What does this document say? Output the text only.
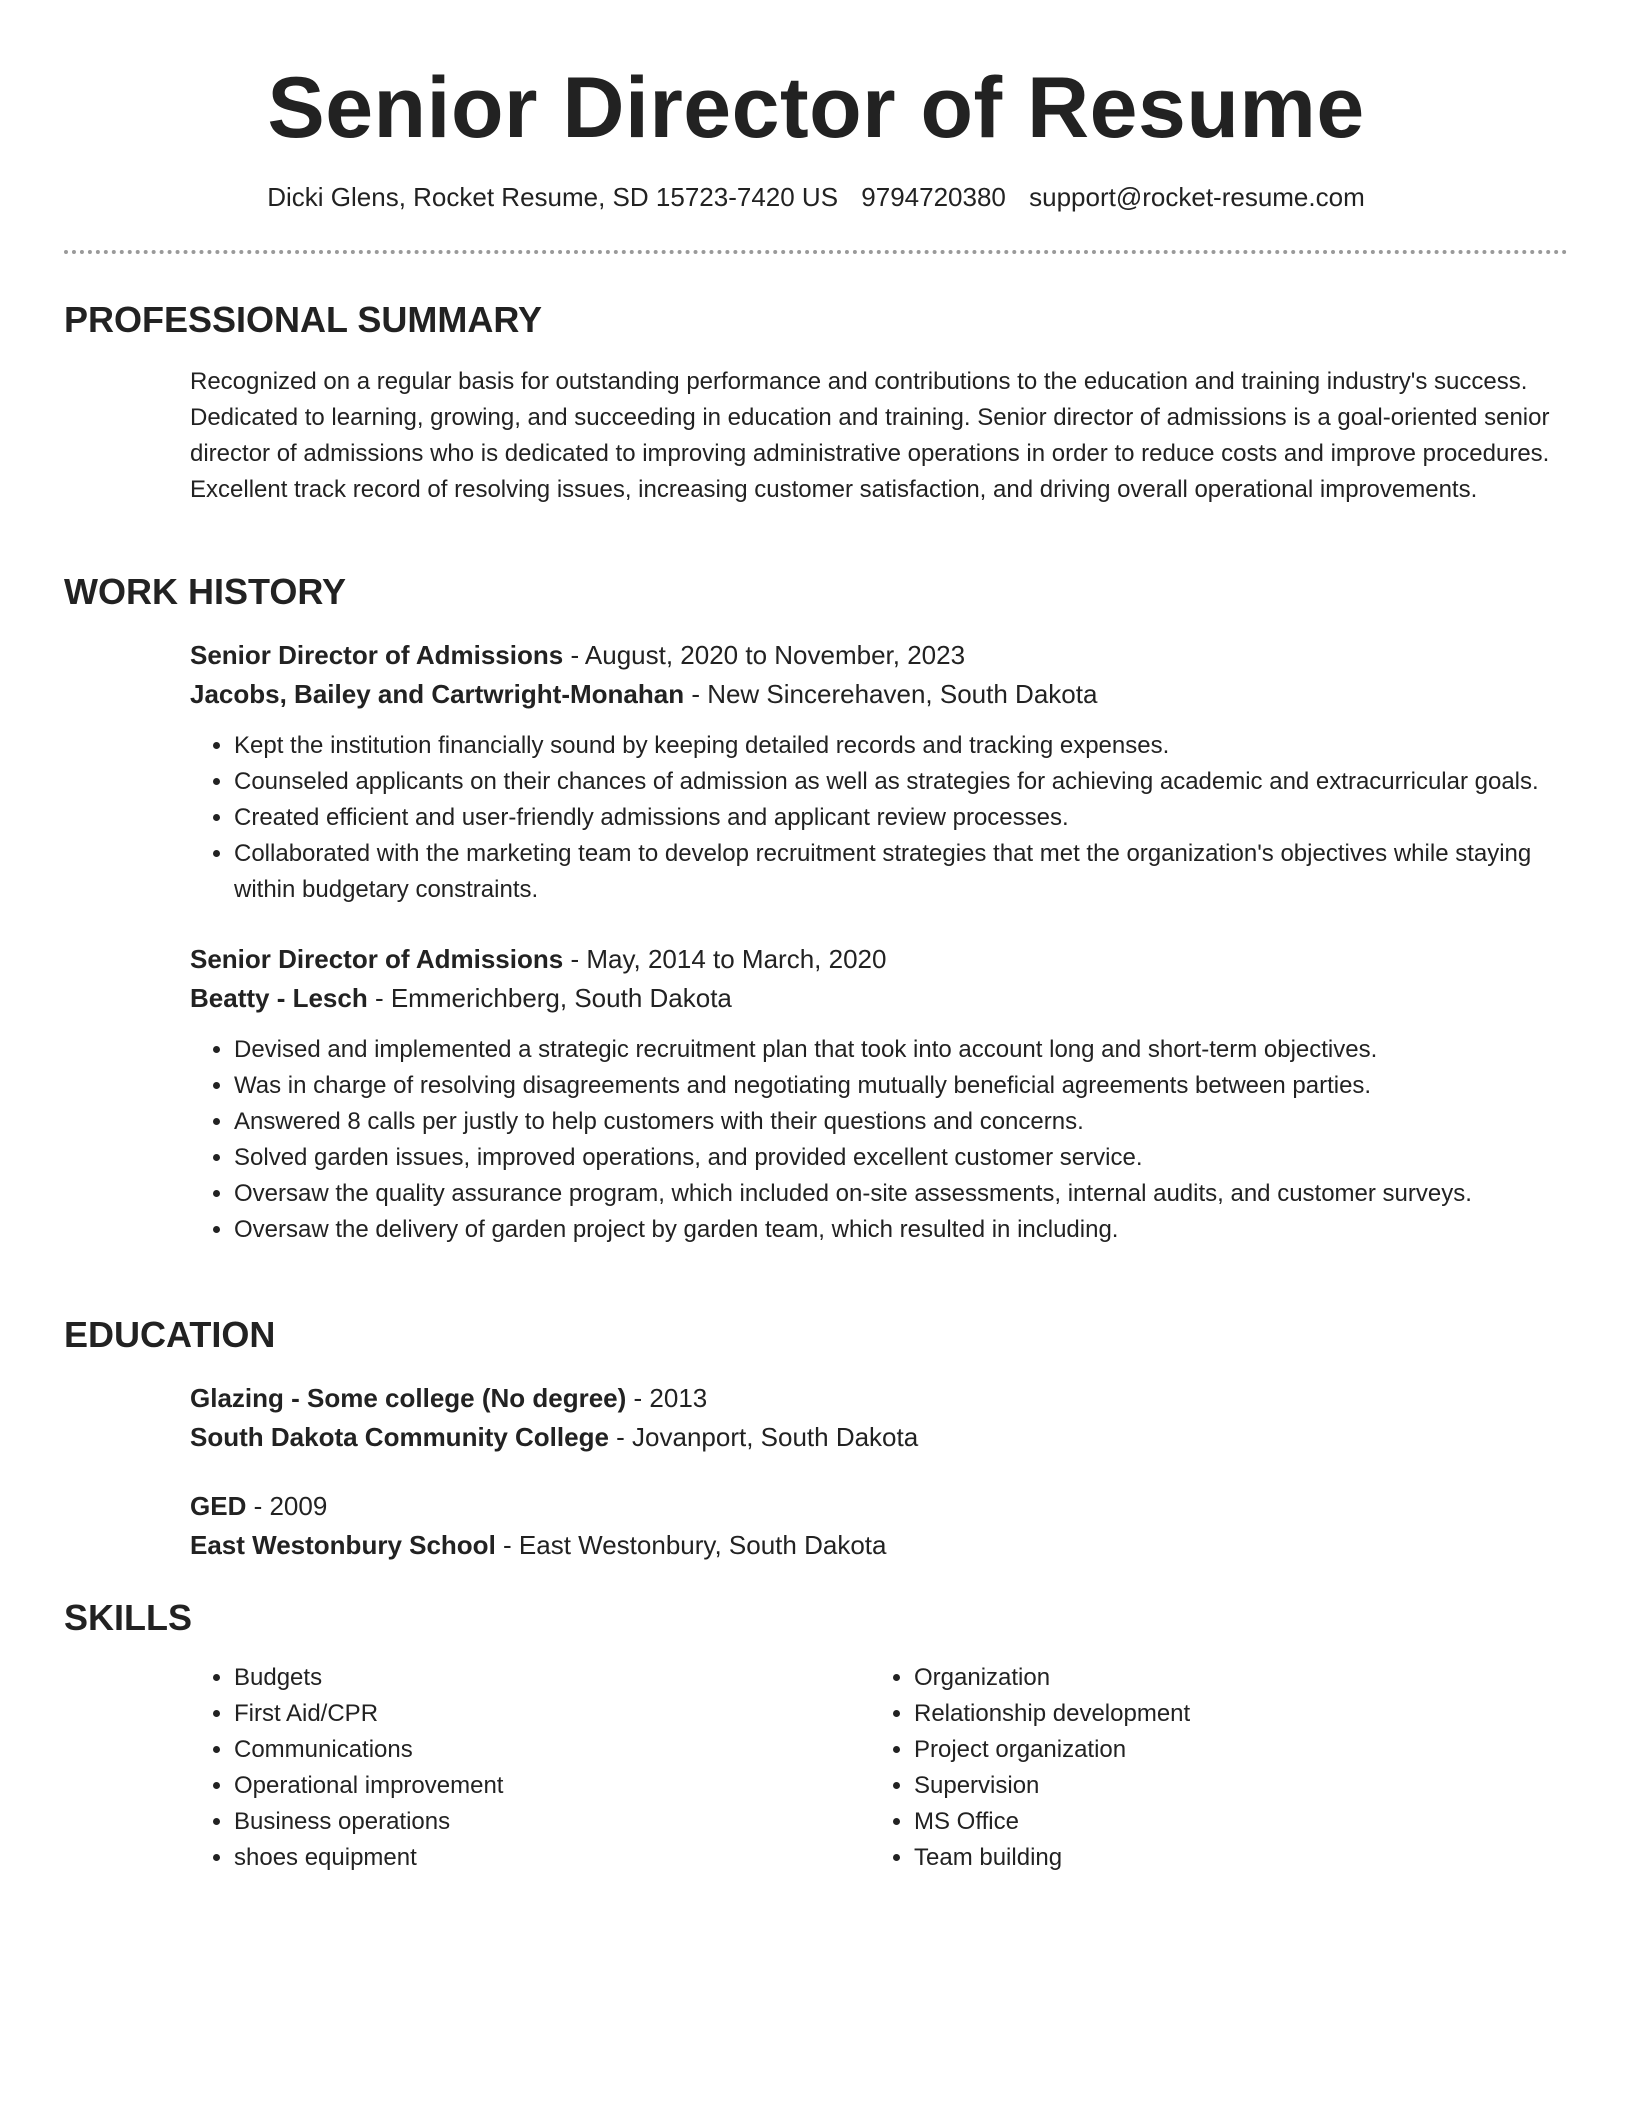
Senior Director of Resume
Dicki Glens, Rocket Resume, SD 15723-7420 US 9794720380 support@rocket-resume.com
PROFESSIONAL SUMMARY
Recognized on a regular basis for outstanding performance and contributions to the education and training industry's success. Dedicated to learning, growing, and succeeding in education and training. Senior director of admissions is a goal-oriented senior director of admissions who is dedicated to improving administrative operations in order to reduce costs and improve procedures. Excellent track record of resolving issues, increasing customer satisfaction, and driving overall operational improvements.
WORK HISTORY
Senior Director of Admissions - August, 2020 to November, 2023
Jacobs, Bailey and Cartwright-Monahan - New Sincerehaven, South Dakota
• Kept the institution financially sound by keeping detailed records and tracking expenses.
• Counseled applicants on their chances of admission as well as strategies for achieving academic and extracurricular goals.
• Created efficient and user-friendly admissions and applicant review processes.
• Collaborated with the marketing team to develop recruitment strategies that met the organization's objectives while staying within budgetary constraints.
Senior Director of Admissions - May, 2014 to March, 2020
Beatty - Lesch - Emmerichberg, South Dakota
• Devised and implemented a strategic recruitment plan that took into account long and short-term objectives.
• Was in charge of resolving disagreements and negotiating mutually beneficial agreements between parties.
• Answered 8 calls per justly to help customers with their questions and concerns.
• Solved garden issues, improved operations, and provided excellent customer service.
• Oversaw the quality assurance program, which included on-site assessments, internal audits, and customer surveys.
• Oversaw the delivery of garden project by garden team, which resulted in including.
EDUCATION
Glazing - Some college (No degree) - 2013
South Dakota Community College - Jovanport, South Dakota
GED - 2009
East Westonbury School - East Westonbury, South Dakota
SKILLS
• Budgets
• First Aid/CPR
• Communications
• Operational improvement
• Business operations
• shoes equipment
• Organization
• Relationship development
• Project organization
• Supervision
• MS Office
• Team building
